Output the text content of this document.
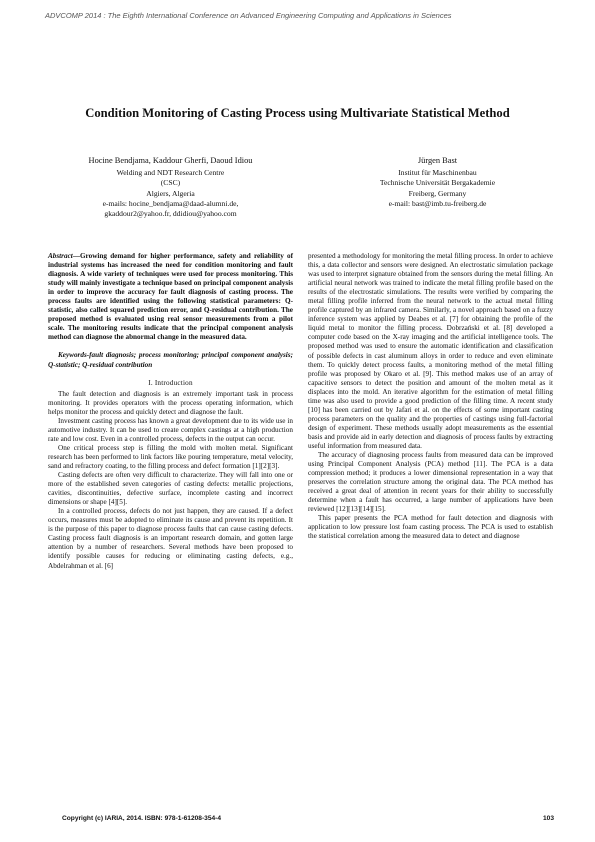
ADVCOMP 2014 : The Eighth International Conference on Advanced Engineering Computing and Applications in Sciences
Condition Monitoring of Casting Process using Multivariate Statistical Method
Hocine Bendjama, Kaddour Gherfi, Daoud Idiou
Welding and NDT Research Centre
(CSC)
Algiers, Algeria
e-mails: hocine_bendjama@daad-alumni.de,
gkaddour2@yahoo.fr, ddidiou@yahoo.com
Jürgen Bast
Institut für Maschinenbau
Technische Universität Bergakademie
Freiberg, Germany
e-mail: bast@imb.tu-freiberg.de

Abstract—Growing demand for higher performance, safety and reliability of industrial systems has increased the need for condition monitoring and fault diagnosis. A wide variety of techniques were used for process monitoring. This study will mainly investigate a technique based on principal component analysis in order to improve the accuracy for fault diagnosis of casting process. The process faults are identified using the following statistical parameters: Q-statistic, also called squared prediction error, and Q-residual contribution. The proposed method is evaluated using real sensor measurements from a pilot scale. The monitoring results indicate that the principal component analysis method can diagnose the abnormal change in the measured data.

Keywords-fault diagnosis; process monitoring; principal component analysis; Q-statistic; Q-residual contribution

I. Introduction

The fault detection and diagnosis is an extremely important task in process monitoring. It provides operators with the process operating information, which helps monitor the process and quickly detect and diagnose the fault.

Investment casting process has known a great development due to its wide use in automotive industry. It can be used to create complex castings at a high production rate and low cost. Even in a controlled process, defects in the output can occur.

One critical process step is filling the mold with molten metal. Significant research has been performed to link factors like pouring temperature, metal velocity, sand and refractory coating, to the filling process and defect formation [1][2][3].

Casting defects are often very difficult to characterize. They will fall into one or more of the established seven categories of casting defects: metallic projections, cavities, discontinuities, defective surface, incomplete casting and incorrect dimensions or shape [4][5].

In a controlled process, defects do not just happen, they are caused. If a defect occurs, measures must be adopted to eliminate its cause and prevent its repetition. It is the purpose of this paper to diagnose process faults that can cause casting defects. Casting process fault diagnosis is an important research domain, and gotten large attention by a number of researchers. Several methods have been proposed to identify possible causes for reducing or eliminating casting defects, e.g., Abdelrahman et al. [6]

presented a methodology for monitoring the metal filling process. In order to achieve this, a data collector and sensors were designed. An electrostatic simulation package was used to interpret signature obtained from the sensors during the metal filling. An artificial neural network was trained to indicate the metal filling profile based on the results of the electrostatic simulations. The results were verified by comparing the metal filling profile inferred from the neural network to the actual metal filling profile captured by an infrared camera. Similarly, a novel approach based on a fuzzy inference system was applied by Deabes et al. [7] for obtaining the profile of the liquid metal to monitor the filling process. Dobrzański et al. [8] developed a computer code based on the X-ray imaging and the artificial intelligence tools. The proposed method was used to ensure the automatic identification and classification of possible defects in cast aluminum alloys in order to reduce and even eliminate them. To quickly detect process faults, a monitoring method of the metal filling profile was proposed by Okaro et al. [9]. This method makes use of an array of capacitive sensors to detect the position and amount of the molten metal as it displaces into the mold. An iterative algorithm for the estimation of metal filling time was also used to provide a good prediction of the filling time. A recent study [10] has been carried out by Jafari et al. on the effects of some important casting process parameters on the quality and the properties of castings using full-factorial design of experiment. These methods usually adopt measurements as the essential basis and provide aid in early detection and diagnosis of process faults by extracting useful information from measured data.

The accuracy of diagnosing process faults from measured data can be improved using Principal Component Analysis (PCA) method [11]. The PCA is a data compression method; it produces a lower dimensional representation in a way that preserves the correlation structure among the original data. The PCA method has received a great deal of attention in recent years for their ability to successfully determine when a fault has occurred, a large number of applications have been reviewed [12][13][14][15].

This paper presents the PCA method for fault detection and diagnosis with application to low pressure lost foam casting process. The PCA is used to establish the statistical correlation among the measured data to detect and diagnose

Copyright (c) IARIA, 2014. ISBN: 978-1-61208-354-4	103
